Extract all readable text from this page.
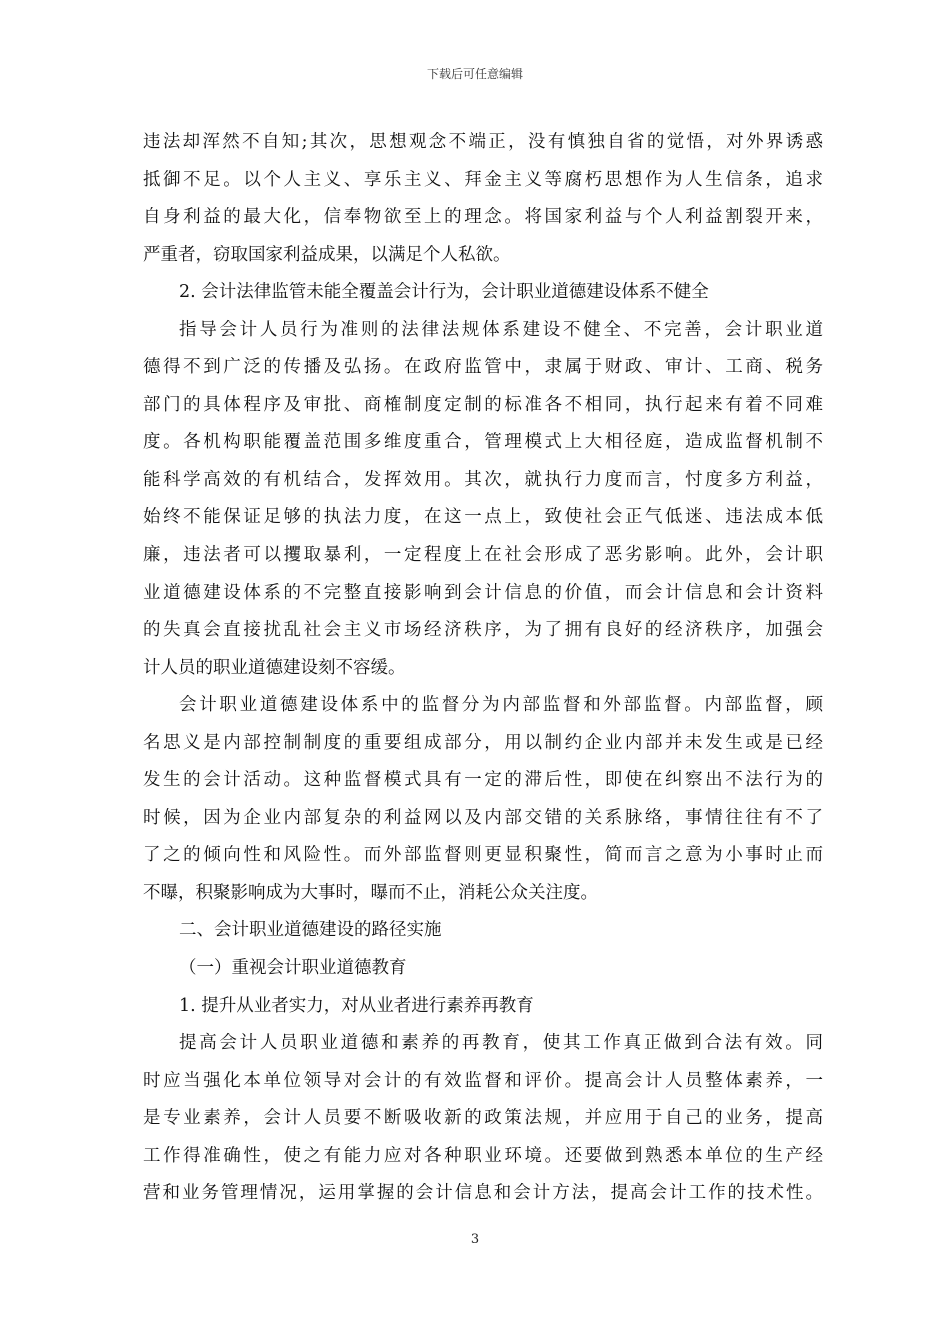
下载后可任意编辑
违法却浑然不自知;其次，思想观念不端正，没有慎独自省的觉悟，对外界诱惑
抵御不足。以个人主义、享乐主义、拜金主义等腐朽思想作为人生信条，追求
自身利益的最大化，信奉物欲至上的理念。将国家利益与个人利益割裂开来，
严重者，窃取国家利益成果，以满足个人私欲。
2. 会计法律监管未能全覆盖会计行为，会计职业道德建设体系不健全
指导会计人员行为准则的法律法规体系建设不健全、不完善，会计职业道
德得不到广泛的传播及弘扬。在政府监管中，隶属于财政、审计、工商、税务
部门的具体程序及审批、商榷制度定制的标准各不相同，执行起来有着不同难
度。各机构职能覆盖范围多维度重合，管理模式上大相径庭，造成监督机制不
能科学高效的有机结合，发挥效用。其次，就执行力度而言，忖度多方利益，
始终不能保证足够的执法力度，在这一点上，致使社会正气低迷、违法成本低
廉，违法者可以攫取暴利，一定程度上在社会形成了恶劣影响。此外，会计职
业道德建设体系的不完整直接影响到会计信息的价值，而会计信息和会计资料
的失真会直接扰乱社会主义市场经济秩序，为了拥有良好的经济秩序，加强会
计人员的职业道德建设刻不容缓。
会计职业道德建设体系中的监督分为内部监督和外部监督。内部监督，顾
名思义是内部控制制度的重要组成部分，用以制约企业内部并未发生或是已经
发生的会计活动。这种监督模式具有一定的滞后性，即使在纠察出不法行为的
时候，因为企业内部复杂的利益网以及内部交错的关系脉络，事情往往有不了
了之的倾向性和风险性。而外部监督则更显积聚性，简而言之意为小事时止而
不曝，积聚影响成为大事时，曝而不止，消耗公众关注度。
二、会计职业道德建设的路径实施
（一）重视会计职业道德教育
1. 提升从业者实力，对从业者进行素养再教育
提高会计人员职业道德和素养的再教育，使其工作真正做到合法有效。同
时应当强化本单位领导对会计的有效监督和评价。提高会计人员整体素养，一
是专业素养，会计人员要不断吸收新的政策法规，并应用于自己的业务，提高
工作得准确性，使之有能力应对各种职业环境。还要做到熟悉本单位的生产经
营和业务管理情况，运用掌握的会计信息和会计方法，提高会计工作的技术性。
3
